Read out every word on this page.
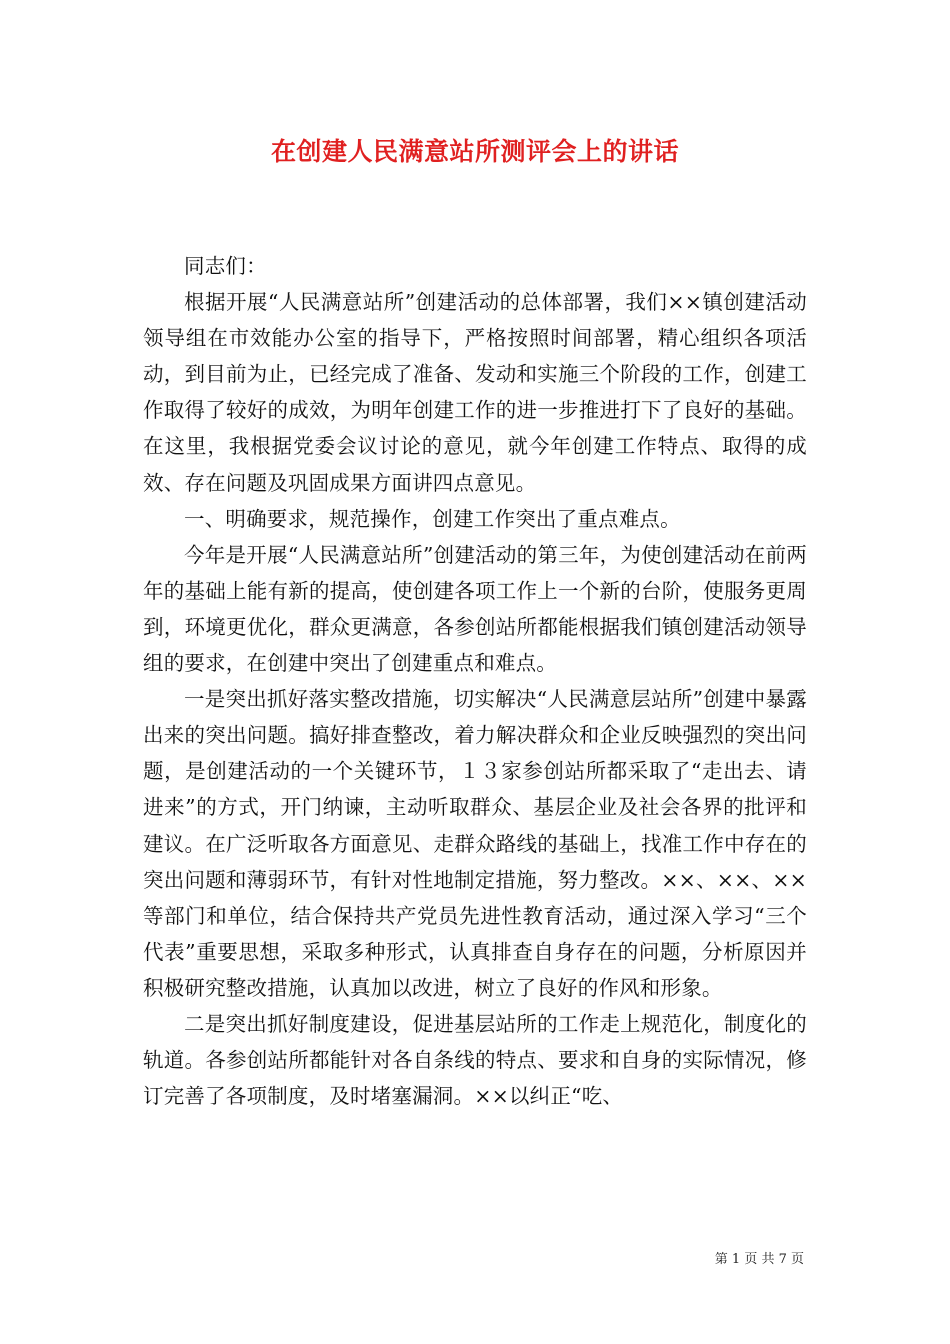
在创建人民满意站所测评会上的讲话

同志们：

根据开展“人民满意站所”创建活动的总体部署，我们××镇创建活动领导组在市效能办公室的指导下，严格按照时间部署，精心组织各项活动，到目前为止，已经完成了准备、发动和实施三个阶段的工作，创建工作取得了较好的成效，为明年创建工作的进一步推进打下了良好的基础。在这里，我根据党委会议讨论的意见，就今年创建工作特点、取得的成效、存在问题及巩固成果方面讲四点意见。

一、明确要求，规范操作，创建工作突出了重点难点。

今年是开展“人民满意站所”创建活动的第三年，为使创建活动在前两年的基础上能有新的提高，使创建各项工作上一个新的台阶，使服务更周到，环境更优化，群众更满意，各参创站所都能根据我们镇创建活动领导组的要求，在创建中突出了创建重点和难点。

一是突出抓好落实整改措施，切实解决“人民满意层站所”创建中暴露出来的突出问题。搞好排查整改，着力解决群众和企业反映强烈的突出问题，是创建活动的一个关键环节，１３家参创站所都采取了“走出去、请进来”的方式，开门纳谏，主动听取群众、基层企业及社会各界的批评和建议。在广泛听取各方面意见、走群众路线的基础上，找准工作中存在的突出问题和薄弱环节，有针对性地制定措施，努力整改。××、××、××等部门和单位，结合保持共产党员先进性教育活动，通过深入学习“三个代表”重要思想，采取多种形式，认真排查自身存在的问题，分析原因并积极研究整改措施，认真加以改进，树立了良好的作风和形象。

二是突出抓好制度建设，促进基层站所的工作走上规范化，制度化的轨道。各参创站所都能针对各自条线的特点、要求和自身的实际情况，修订完善了各项制度，及时堵塞漏洞。××以纠正“吃、

第 1 页 共 7 页
